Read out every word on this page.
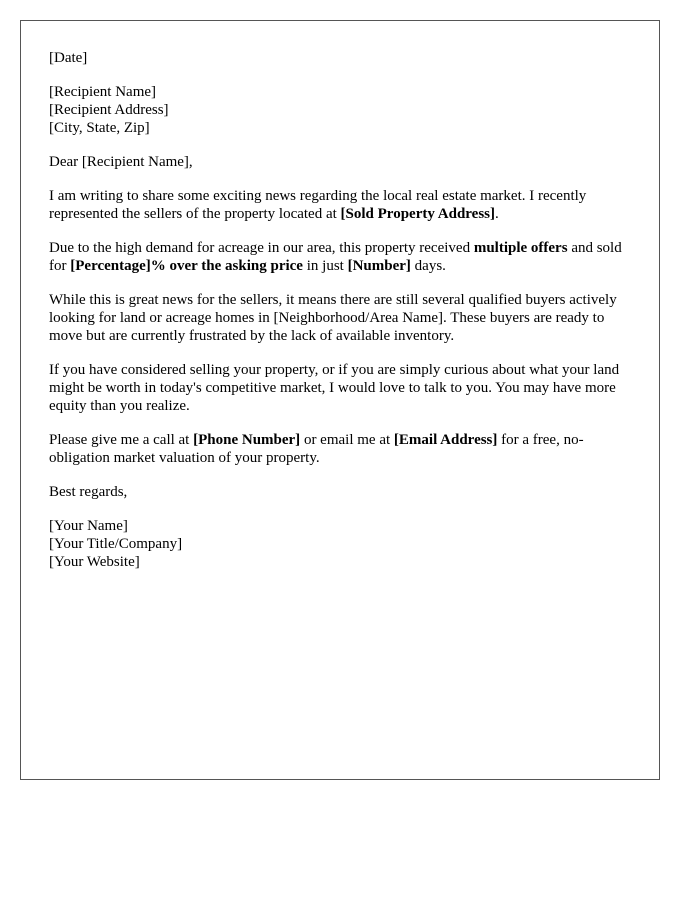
[Date]
[Recipient Name]
[Recipient Address]
[City, State, Zip]

Dear [Recipient Name],

I am writing to share some exciting news regarding the local real estate market. I recently represented the sellers of the property located at [Sold Property Address].

Due to the high demand for acreage in our area, this property received multiple offers and sold for [Percentage]% over the asking price in just [Number] days.

While this is great news for the sellers, it means there are still several qualified buyers actively looking for land or acreage homes in [Neighborhood/Area Name]. These buyers are ready to move but are currently frustrated by the lack of available inventory.

If you have considered selling your property, or if you are simply curious about what your land might be worth in today's competitive market, I would love to talk to you. You may have more equity than you realize.

Please give me a call at [Phone Number] or email me at [Email Address] for a free, no-obligation market valuation of your property.

Best regards,

[Your Name]
[Your Title/Company]
[Your Website]
